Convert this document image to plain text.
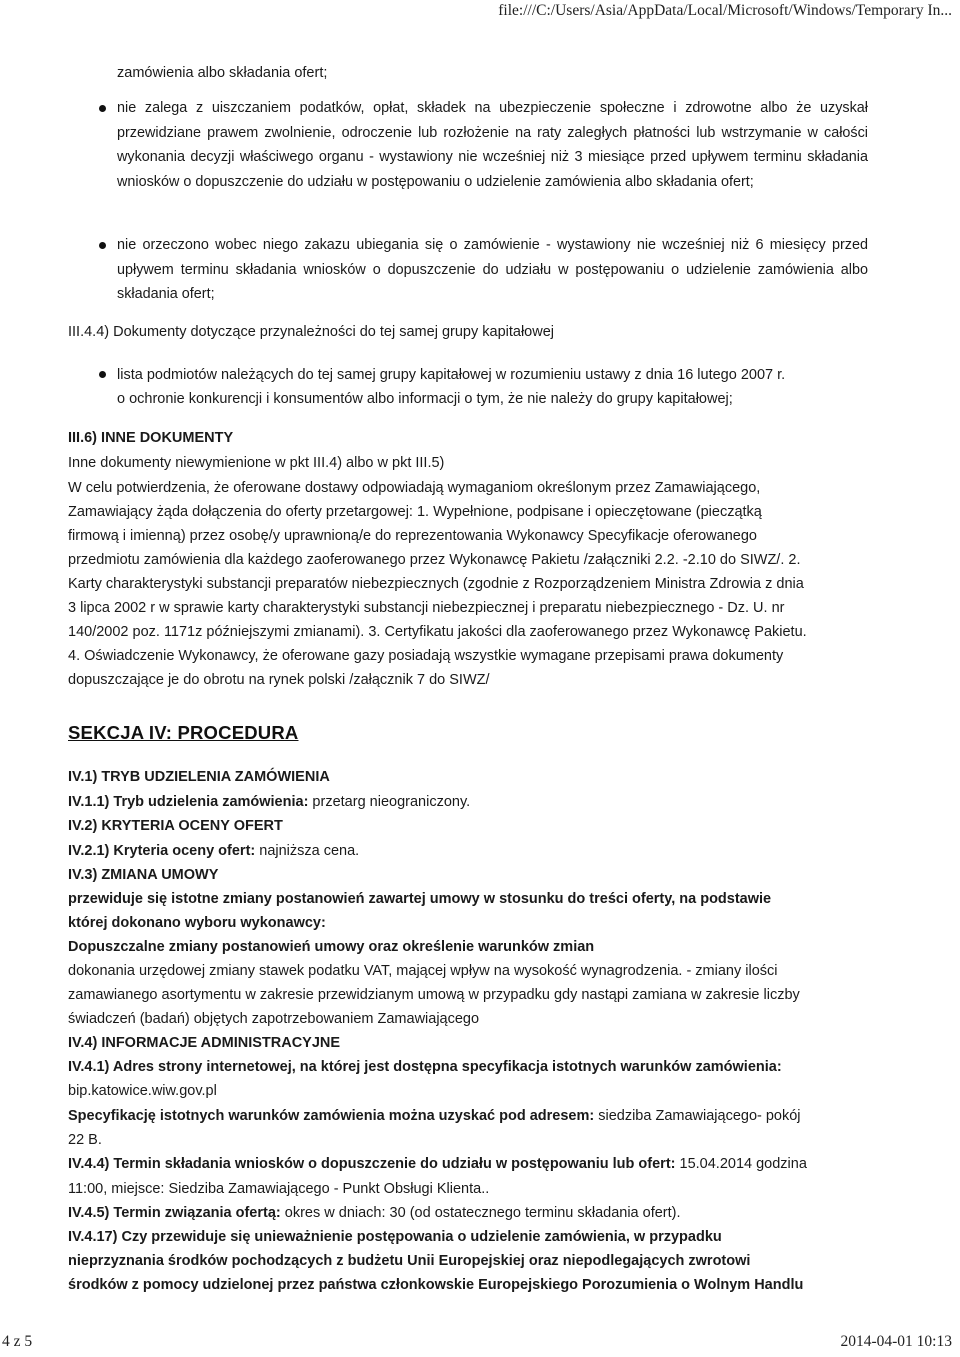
file:///C:/Users/Asia/AppData/Local/Microsoft/Windows/Temporary In...
zamówienia albo składania ofert;
nie zalega z uiszczaniem podatków, opłat, składek na ubezpieczenie społeczne i zdrowotne albo że uzyskał przewidziane prawem zwolnienie, odroczenie lub rozłożenie na raty zaległych płatności lub wstrzymanie w całości wykonania decyzji właściwego organu - wystawiony nie wcześniej niż 3 miesiące przed upływem terminu składania wniosków o dopuszczenie do udziału w postępowaniu o udzielenie zamówienia albo składania ofert;
nie orzeczono wobec niego zakazu ubiegania się o zamówienie - wystawiony nie wcześniej niż 6 miesięcy przed upływem terminu składania wniosków o dopuszczenie do udziału w postępowaniu o udzielenie zamówienia albo składania ofert;
III.4.4) Dokumenty dotyczące przynależności do tej samej grupy kapitałowej
lista podmiotów należących do tej samej grupy kapitałowej w rozumieniu ustawy z dnia 16 lutego 2007 r.
o ochronie konkurencji i konsumentów albo informacji o tym, że nie należy do grupy kapitałowej;
III.6) INNE DOKUMENTY
Inne dokumenty niewymienione w pkt III.4) albo w pkt III.5)
W celu potwierdzenia, że oferowane dostawy odpowiadają wymaganiom określonym przez Zamawiającego,
Zamawiający żąda dołączenia do oferty przetargowej: 1. Wypełnione, podpisane i opieczętowane (pieczątką
firmową i imienną) przez osobę/y uprawnioną/e do reprezentowania Wykonawcy Specyfikacje oferowanego
przedmiotu zamówienia dla każdego zaoferowanego przez Wykonawcę Pakietu /załączniki 2.2. -2.10 do SIWZ/. 2.
Karty charakterystyki substancji preparatów niebezpiecznych (zgodnie z Rozporządzeniem Ministra Zdrowia z dnia
3 lipca 2002 r w sprawie karty charakterystyki substancji niebezpiecznej i preparatu niebezpiecznego - Dz. U. nr
140/2002 poz. 1171z późniejszymi zmianami). 3. Certyfikatu jakości dla zaoferowanego przez Wykonawcę Pakietu.
4. Oświadczenie Wykonawcy, że oferowane gazy posiadają wszystkie wymagane przepisami prawa dokumenty
dopuszczające je do obrotu na rynek polski /załącznik 7 do SIWZ/
SEKCJA IV: PROCEDURA
IV.1) TRYB UDZIELENIA ZAMÓWIENIA
IV.1.1) Tryb udzielenia zamówienia: przetarg nieograniczony.
IV.2) KRYTERIA OCENY OFERT
IV.2.1) Kryteria oceny ofert: najniższa cena.
IV.3) ZMIANA UMOWY
przewiduje się istotne zmiany postanowień zawartej umowy w stosunku do treści oferty, na podstawie
której dokonano wyboru wykonawcy:
Dopuszczalne zmiany postanowień umowy oraz określenie warunków zmian
dokonania urzędowej zmiany stawek podatku VAT, mającej wpływ na wysokość wynagrodzenia. - zmiany ilości
zamawianego asortymentu w zakresie przewidzianym umową w przypadku gdy nastąpi zamiana w zakresie liczby
świadczeń (badań) objętych zapotrzebowaniem Zamawiającego
IV.4) INFORMACJE ADMINISTRACYJNE
IV.4.1) Adres strony internetowej, na której jest dostępna specyfikacja istotnych warunków zamówienia:
bip.katowice.wiw.gov.pl
Specyfikację istotnych warunków zamówienia można uzyskać pod adresem: siedziba Zamawiającego- pokój
22 B.
IV.4.4) Termin składania wniosków o dopuszczenie do udziału w postępowaniu lub ofert: 15.04.2014 godzina
11:00, miejsce: Siedziba Zamawiającego - Punkt Obsługi Klienta..
IV.4.5) Termin związania ofertą: okres w dniach: 30 (od ostatecznego terminu składania ofert).
IV.4.17) Czy przewiduje się unieważnienie postępowania o udzielenie zamówienia, w przypadku
nieprzyznania środków pochodzących z budżetu Unii Europejskiej oraz niepodlegających zwrotowi
środków z pomocy udzielonej przez państwa członkowskie Europejskiego Porozumienia o Wolnym Handlu
4 z 5	2014-04-01 10:13
